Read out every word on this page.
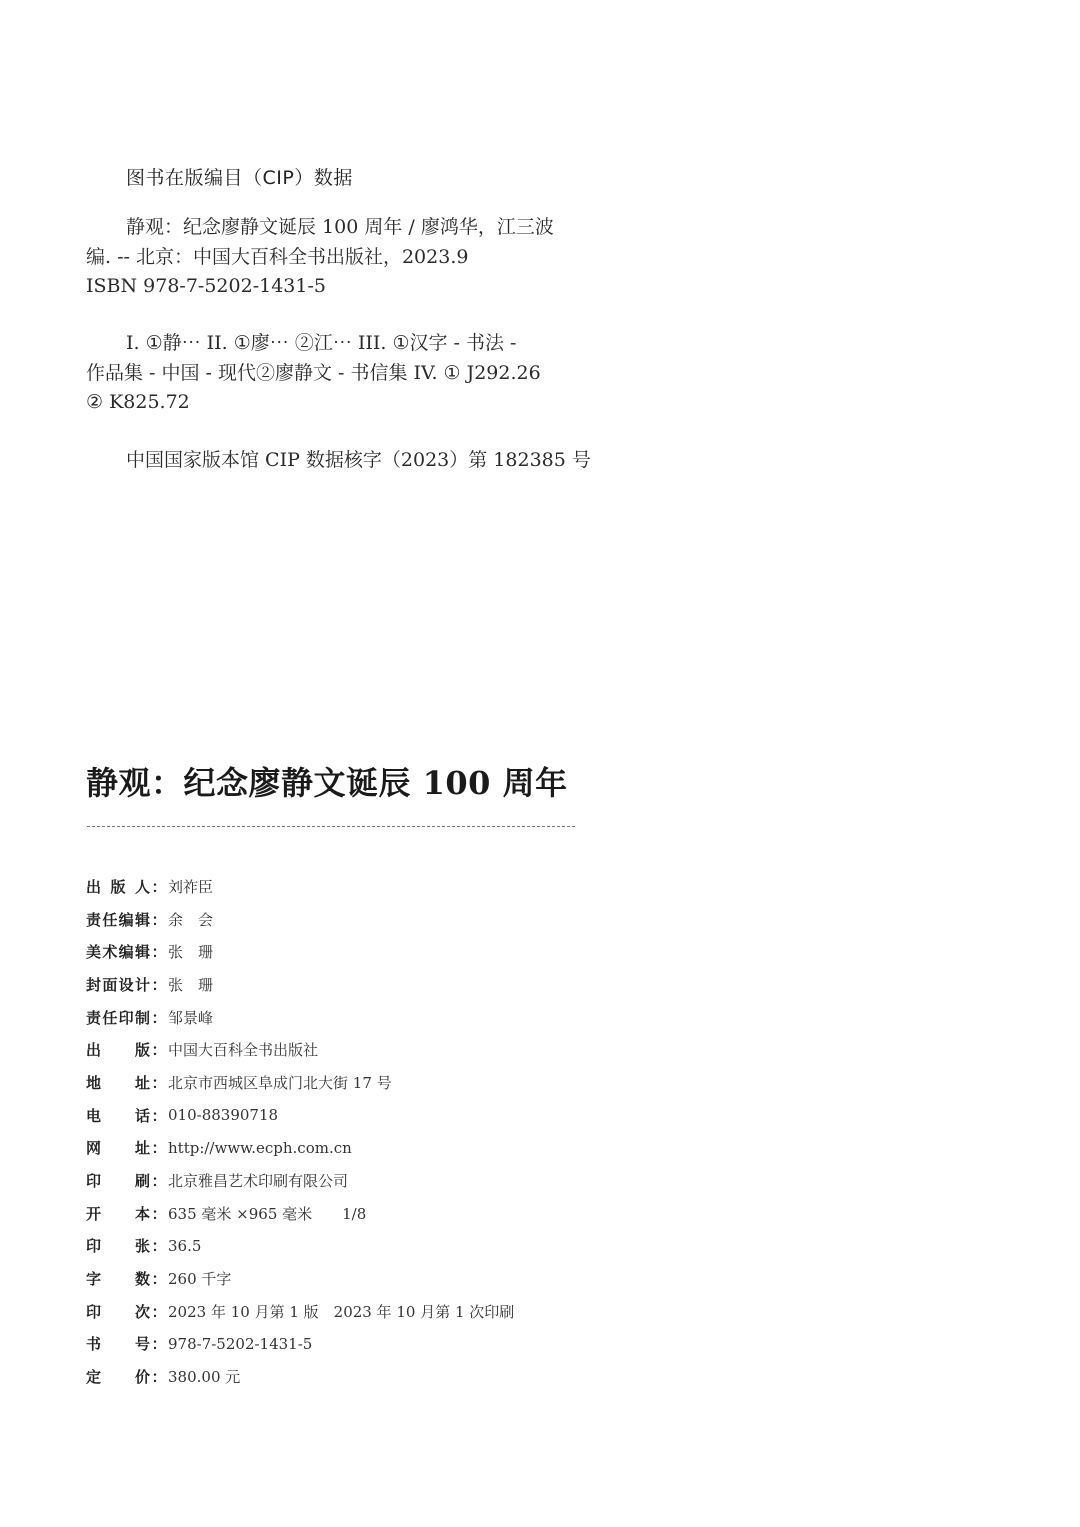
图书在版编目（CIP）数据
静观：纪念廖静文诞辰 100 周年 / 廖鸿华，江三波
编. -- 北京：中国大百科全书出版社，2023.9
ISBN 978-7-5202-1431-5
I. ①静⋯ II. ①廖⋯ ②江⋯ III. ①汉字 - 书法 -
作品集 - 中国 - 现代②廖静文 - 书信集 IV. ① J292.26
② K825.72
中国国家版本馆 CIP 数据核字（2023）第 182385 号
静观：纪念廖静文诞辰 100 周年
出 版 人 ： 刘祚臣
责 任 编 辑 ： 余　会
美 术 编 辑 ： 张　珊
封 面 设 计 ： 张　珊
责 任 印 制 ： 邹景峰
出 版 ： 中国大百科全书出版社
地 址 ： 北京市西城区阜成门北大街 17 号
电 话 ： 010-88390718
网 址 ： http://www.ecph.com.cn
印 刷 ： 北京雅昌艺术印刷有限公司
开 本 ： 635 毫米 ×965 毫米　　1/8
印 张 ： 36.5
字 数 ： 260 千字
印 次 ： 2023 年 10 月第 1 版　2023 年 10 月第 1 次印刷
书 号 ： 978-7-5202-1431-5
定 价 ： 380.00 元
